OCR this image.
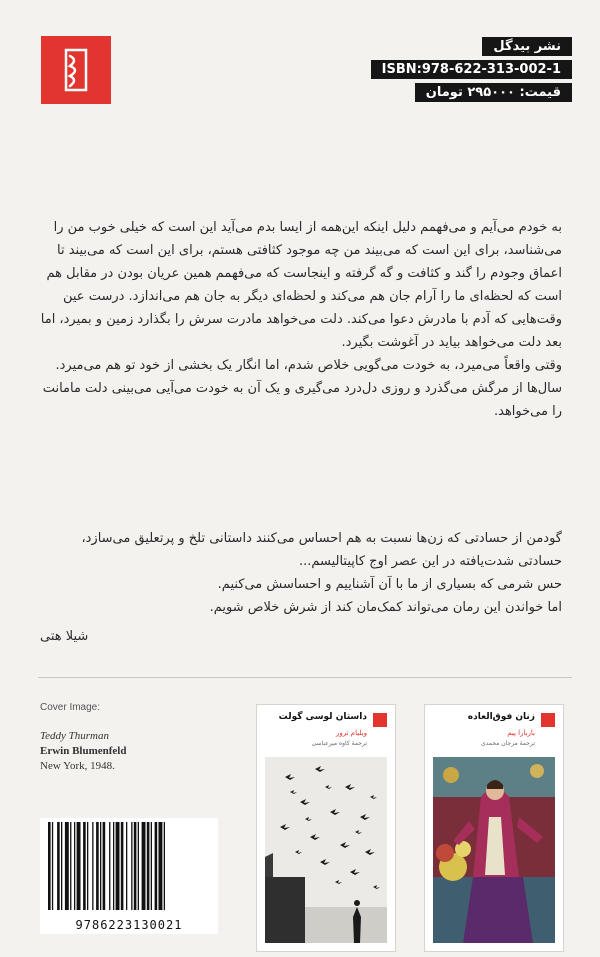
نشر بیدگل
ISBN:978-622-313-002-1
قیمت: ۲۹۵۰۰۰ تومان

به خودم می‌آیم و می‌فهمم دلیل اینکه این‌همه از ایسا بدم می‌آید این است که خیلی خوب من را می‌شناسد، برای این است که می‌بیند من چه موجود کثافتی هستم، برای این است که می‌بیند تا اعماق وجودم را گند و کثافت و گه گرفته و اینجاست که می‌فهمم همین عریان بودن در مقابل هم است که لحظه‌ای ما را آرام جان هم می‌کند و لحظه‌ای دیگر به جان هم می‌اندازد. درست عین وقت‌هایی که آدم با مادرش دعوا می‌کند. دلت می‌خواهد مادرت سرش را بگذارد زمین و بمیرد، اما بعد دلت می‌خواهد بیاید در آغوشت بگیرد.

وقتی واقعاً می‌میرد، به خودت می‌گویی خلاص شدم، اما انگار یک بخشی از خود تو هم می‌میرد. سال‌ها از مرگش می‌گذرد و روزی دل‌درد می‌گیری و یک آن به خودت می‌آیی می‌بینی دلت مامانت را می‌خواهد.

گودمن از حسادتی که زن‌ها نسبت به هم احساس می‌کنند داستانی تلخ و پرتعلیق می‌سازد، حسادتی شدت‌یافته در این عصر اوج کاپیتالیسم...

حس شرمی که بسیاری از ما با آن آشناییم و احساسش می‌کنیم.

اما خواندن این رمان می‌تواند کمک‌مان کند از شرش خلاص شویم.

شیلا هتی

Cover Image:
Teddy Thurman
Erwin Blumenfeld
New York, 1948.
9786223130021
داستان لوسی گولت
ویلیام ترور
ترجمهٔ کاوه میرعباسی
زنان فوق‌العاده
باربارا پیم
ترجمهٔ مرجان محمدی
